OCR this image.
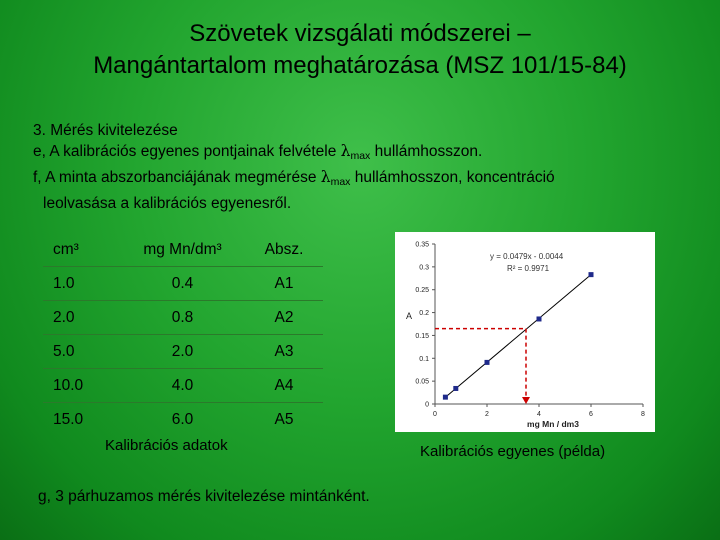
Szövetek vizsgálati módszerei –
Mangántartalom meghatározása (MSZ 101/15-84)
3. Mérés kivitelezése
e, A kalibrációs egyenes pontjainak felvétele $\lambda_{max}$ hullámhosszon.
f, A minta abszorbanciájának megmérése $\lambda_{max}$ hullámhosszon, koncentráció
leolvasása a kalibrációs egyenesről.
cm³	mg Mn/dm³	Absz.
1.0	0.4	A1
2.0	0.8	A2
5.0	2.0	A3
10.0	4.0	A4
15.0	6.0	A5
Kalibrációs adatok
0
0.05
0.1
0.15
0.2
0.25
0.3
0.35
0	2	4	6	8
A
mg Mn / dm3
y = 0.0479x - 0.0044
R² = 0.9971
Kalibrációs egyenes (példa)
g, 3 párhuzamos mérés kivitelezése mintánként.
